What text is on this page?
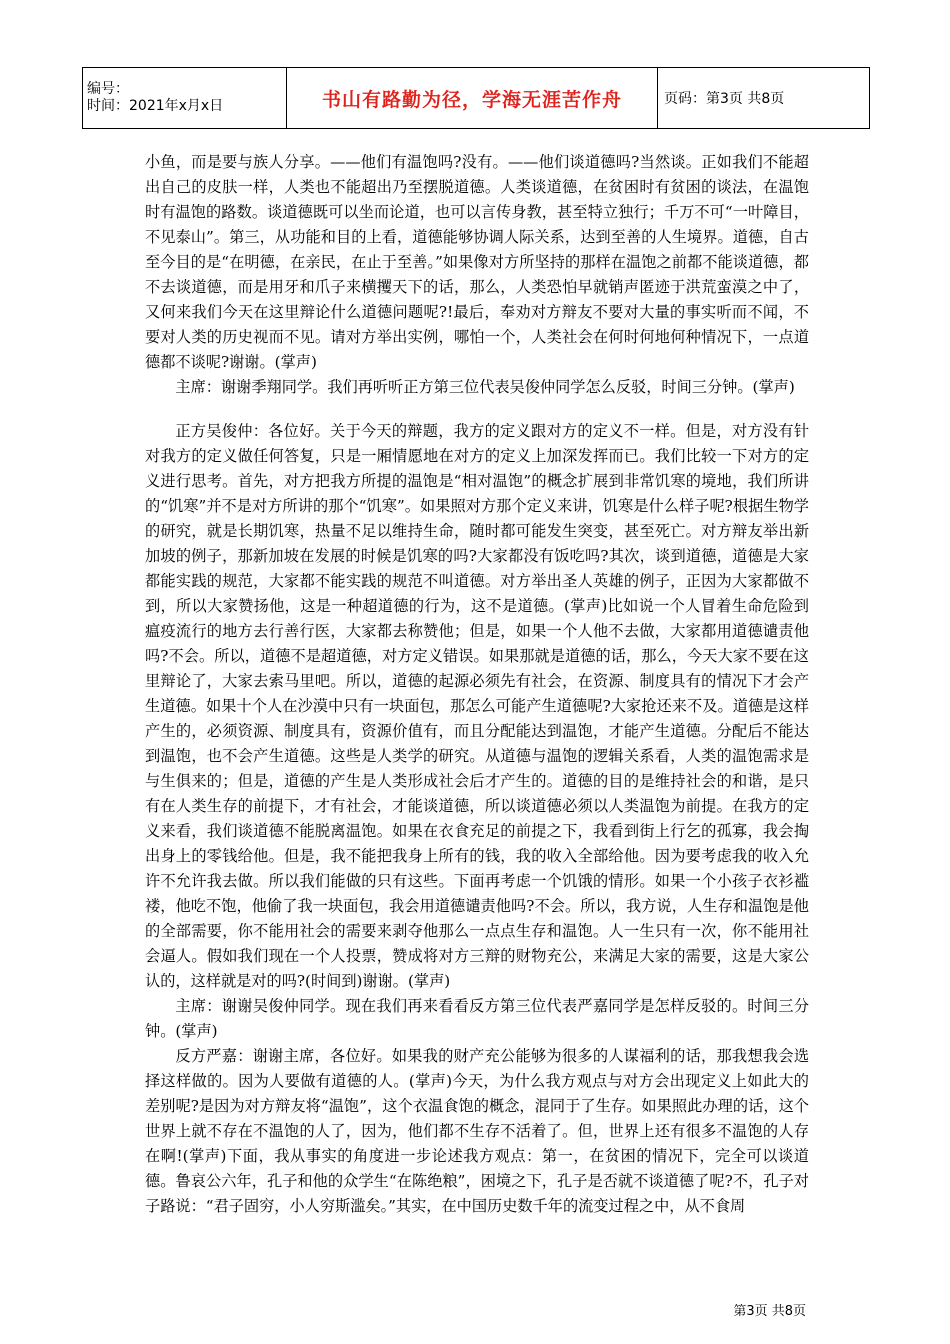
编号：
时间：2021年x月x日	书山有路勤为径，学海无涯苦作舟	页码：第3页 共8页

小鱼，而是要与族人分享。——他们有温饱吗?没有。——他们谈道德吗?当然谈。正如我们不能超出自己的皮肤一样，人类也不能超出乃至摆脱道德。人类谈道德，在贫困时有贫困的谈法，在温饱时有温饱的路数。谈道德既可以坐而论道，也可以言传身教，甚至特立独行；千万不可“一叶障目，不见泰山”。第三，从功能和目的上看，道德能够协调人际关系，达到至善的人生境界。道德，自古至今目的是“在明德，在亲民，在止于至善。”如果像对方所坚持的那样在温饱之前都不能谈道德，都不去谈道德，而是用牙和爪子来横攫天下的话，那么，人类恐怕早就销声匿迹于洪荒蛮漠之中了，又何来我们今天在这里辩论什么道德问题呢?!最后，奉劝对方辩友不要对大量的事实听而不闻，不要对人类的历史视而不见。请对方举出实例，哪怕一个，人类社会在何时何地何种情况下，一点道德都不谈呢?谢谢。(掌声)

主席：谢谢季翔同学。我们再听听正方第三位代表吴俊仲同学怎么反驳，时间三分钟。(掌声)

正方吴俊仲：各位好。关于今天的辩题，我方的定义跟对方的定义不一样。但是，对方没有针对我方的定义做任何答复，只是一厢情愿地在对方的定义上加深发挥而已。我们比较一下对方的定义进行思考。首先，对方把我方所提的温饱是“相对温饱”的概念扩展到非常饥寒的境地，我们所讲的“饥寒”并不是对方所讲的那个“饥寒”。如果照对方那个定义来讲，饥寒是什么样子呢?根据生物学的研究，就是长期饥寒，热量不足以维持生命，随时都可能发生突变，甚至死亡。对方辩友举出新加坡的例子，那新加坡在发展的时候是饥寒的吗?大家都没有饭吃吗?其次，谈到道德，道德是大家都能实践的规范，大家都不能实践的规范不叫道德。对方举出圣人英雄的例子，正因为大家都做不到，所以大家赞扬他，这是一种超道德的行为，这不是道德。(掌声)比如说一个人冒着生命危险到瘟疫流行的地方去行善行医，大家都去称赞他；但是，如果一个人他不去做，大家都用道德谴责他吗?不会。所以，道德不是超道德，对方定义错误。如果那就是道德的话，那么，今天大家不要在这里辩论了，大家去索马里吧。所以，道德的起源必须先有社会，在资源、制度具有的情况下才会产生道德。如果十个人在沙漠中只有一块面包，那怎么可能产生道德呢?大家抢还来不及。道德是这样产生的，必须资源、制度具有，资源价值有，而且分配能达到温饱，才能产生道德。分配后不能达到温饱，也不会产生道德。这些是人类学的研究。从道德与温饱的逻辑关系看，人类的温饱需求是与生俱来的；但是，道德的产生是人类形成社会后才产生的。道德的目的是维持社会的和谐，是只有在人类生存的前提下，才有社会，才能谈道德，所以谈道德必须以人类温饱为前提。在我方的定义来看，我们谈道德不能脱离温饱。如果在衣食充足的前提之下，我看到街上行乞的孤寡，我会掏出身上的零钱给他。但是，我不能把我身上所有的钱，我的收入全部给他。因为要考虑我的收入允许不允许我去做。所以我们能做的只有这些。下面再考虑一个饥饿的情形。如果一个小孩子衣衫褴褛，他吃不饱，他偷了我一块面包，我会用道德谴责他吗?不会。所以，我方说，人生存和温饱是他的全部需要，你不能用社会的需要来剥夺他那么一点点生存和温饱。人一生只有一次，你不能用社会逼人。假如我们现在一个人投票，赞成将对方三辩的财物充公，来满足大家的需要，这是大家公认的，这样就是对的吗?(时间到)谢谢。(掌声)

主席：谢谢吴俊仲同学。现在我们再来看看反方第三位代表严嘉同学是怎样反驳的。时间三分钟。(掌声)

反方严嘉：谢谢主席，各位好。如果我的财产充公能够为很多的人谋福利的话，那我想我会选择这样做的。因为人要做有道德的人。(掌声)今天，为什么我方观点与对方会出现定义上如此大的差别呢?是因为对方辩友将“温饱”，这个衣温食饱的概念，混同于了生存。如果照此办理的话，这个世界上就不存在不温饱的人了，因为，他们都不生存不活着了。但，世界上还有很多不温饱的人存在啊!(掌声)下面，我从事实的角度进一步论述我方观点：第一，在贫困的情况下，完全可以谈道德。鲁哀公六年，孔子和他的众学生“在陈绝粮”，困境之下，孔子是否就不谈道德了呢?不，孔子对子路说：“君子固穷，小人穷斯滥矣。”其实，在中国历史数千年的流变过程之中，从不食周

第3页 共8页
